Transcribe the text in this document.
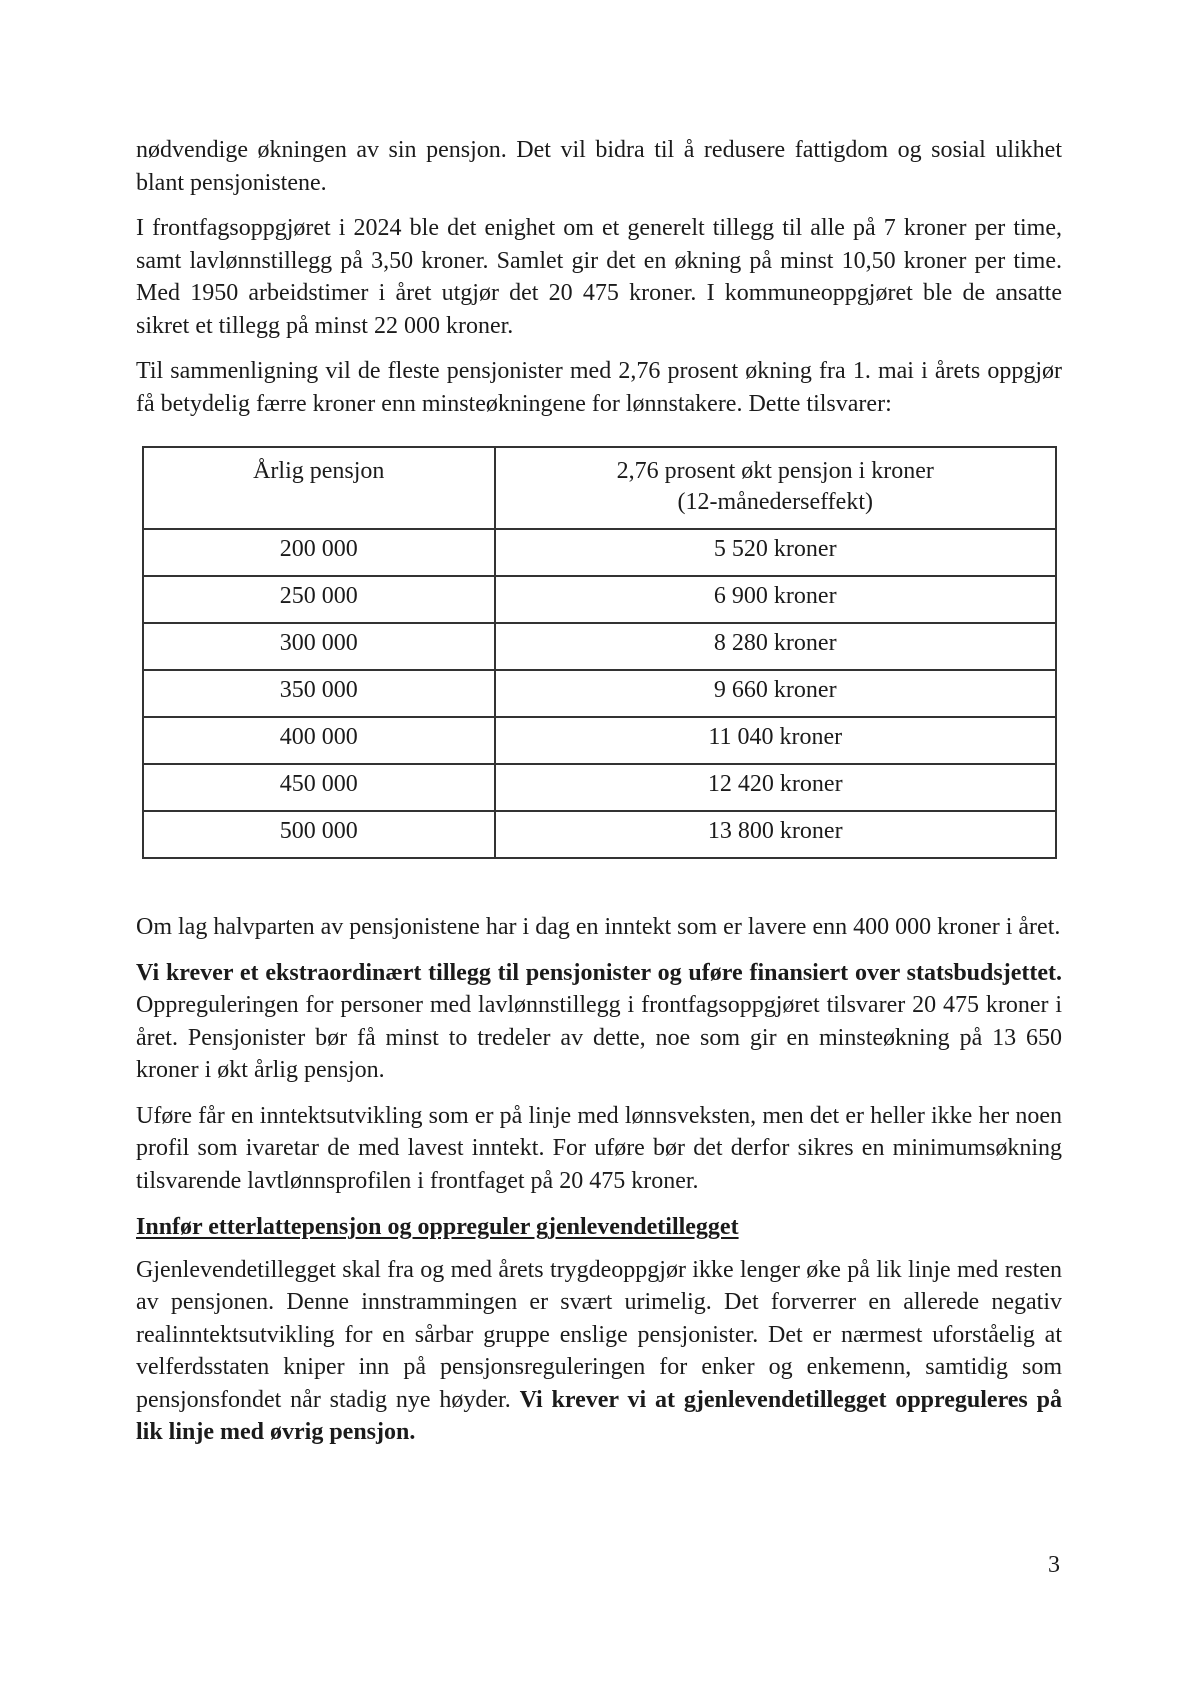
nødvendige økningen av sin pensjon. Det vil bidra til å redusere fattigdom og sosial ulikhet blant pensjonistene.

I frontfagsoppgjøret i 2024 ble det enighet om et generelt tillegg til alle på 7 kroner per time, samt lavlønnstillegg på 3,50 kroner. Samlet gir det en økning på minst 10,50 kroner per time. Med 1950 arbeidstimer i året utgjør det 20 475 kroner. I kommuneoppgjøret ble de ansatte sikret et tillegg på minst 22 000 kroner.

Til sammenligning vil de fleste pensjonister med 2,76 prosent økning fra 1. mai i årets oppgjør få betydelig færre kroner enn minsteøkningene for lønnstakere. Dette tilsvarer:

Årlig pensjon	2,76 prosent økt pensjon i kroner
(12-månederseffekt)
200 000	5 520 kroner
250 000	6 900 kroner
300 000	8 280 kroner
350 000	9 660 kroner
400 000	11 040 kroner
450 000	12 420 kroner
500 000	13 800 kroner

Om lag halvparten av pensjonistene har i dag en inntekt som er lavere enn 400 000 kroner i året.

Vi krever et ekstraordinært tillegg til pensjonister og uføre finansiert over statsbudsjettet. Oppreguleringen for personer med lavlønnstillegg i frontfagsoppgjøret tilsvarer 20 475 kroner i året. Pensjonister bør få minst to tredeler av dette, noe som gir en minsteøkning på 13 650 kroner i økt årlig pensjon.

Uføre får en inntektsutvikling som er på linje med lønnsveksten, men det er heller ikke her noen profil som ivaretar de med lavest inntekt. For uføre bør det derfor sikres en minimumsøkning tilsvarende lavtlønnsprofilen i frontfaget på 20 475 kroner.

Innfør etterlattepensjon og oppreguler gjenlevendetillegget

Gjenlevendetillegget skal fra og med årets trygdeoppgjør ikke lenger øke på lik linje med resten av pensjonen. Denne innstrammingen er svært urimelig. Det forverrer en allerede negativ realinntektsutvikling for en sårbar gruppe enslige pensjonister. Det er nærmest uforståelig at velferdsstaten kniper inn på pensjonsreguleringen for enker og enkemenn, samtidig som pensjonsfondet når stadig nye høyder. Vi krever vi at gjenlevendetillegget oppreguleres på lik linje med øvrig pensjon.

3
